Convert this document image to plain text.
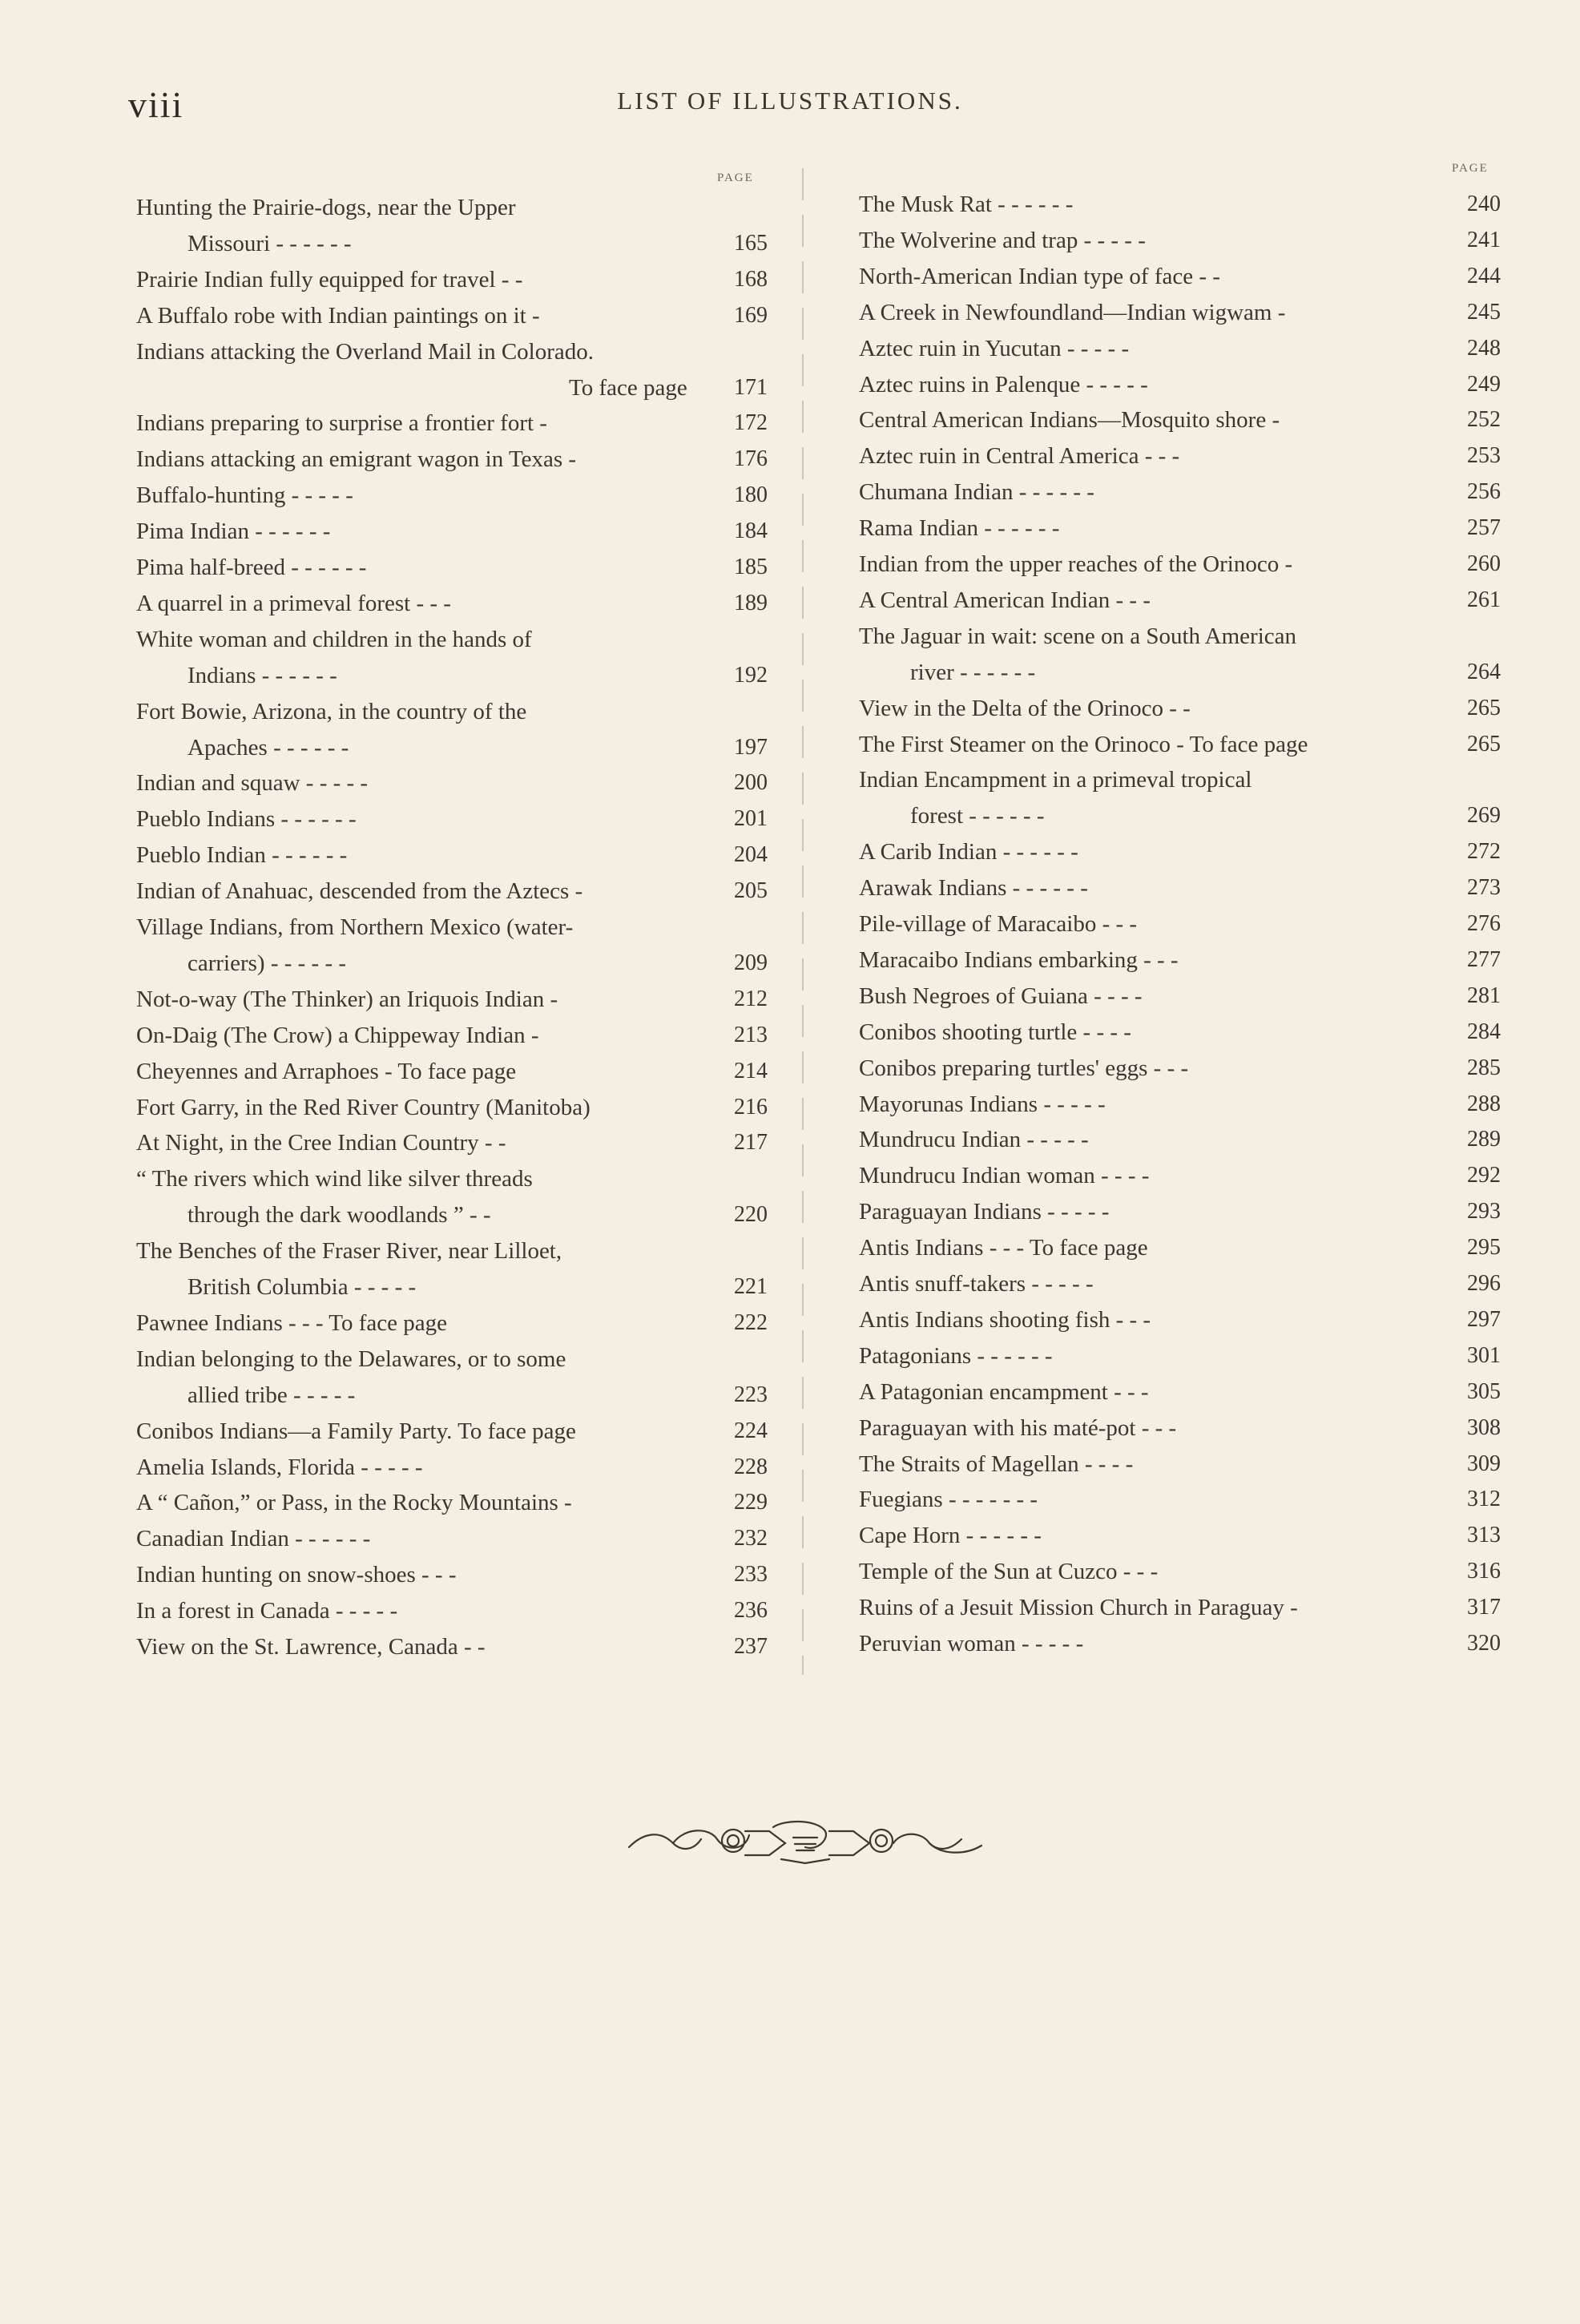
viii	LIST OF ILLUSTRATIONS.
PAGE
PAGE
Hunting the Prairie-dogs, near the Upper
Missouri - - - - - -	165
Prairie Indian fully equipped for travel - -	168
A Buffalo robe with Indian paintings on it -	169
Indians attacking the Overland Mail in Colorado.
To face page	171
Indians preparing to surprise a frontier fort -	172
Indians attacking an emigrant wagon in Texas -	176
Buffalo-hunting - - - - -	180
Pima Indian - - - - - -	184
Pima half-breed - - - - - -	185
A quarrel in a primeval forest - - -	189
White woman and children in the hands of
Indians - - - - - -	192
Fort Bowie, Arizona, in the country of the
Apaches - - - - - -	197
Indian and squaw - - - - -	200
Pueblo Indians - - - - - -	201
Pueblo Indian - - - - - -	204
Indian of Anahuac, descended from the Aztecs -	205
Village Indians, from Northern Mexico (water-
carriers) - - - - - -	209
Not-o-way (The Thinker) an Iriquois Indian -	212
On-Daig (The Crow) a Chippeway Indian -	213
Cheyennes and Arraphoes - To face page	214
Fort Garry, in the Red River Country (Manitoba)	216
At Night, in the Cree Indian Country - -	217
“ The rivers which wind like silver threads
through the dark woodlands ” - -	220
The Benches of the Fraser River, near Lilloet,
British Columbia - - - - -	221
Pawnee Indians - - - To face page	222
Indian belonging to the Delawares, or to some
allied tribe - - - - -	223
Conibos Indians—a Family Party. To face page	224
Amelia Islands, Florida - - - - -	228
A “ Cañon,” or Pass, in the Rocky Mountains -	229
Canadian Indian - - - - - -	232
Indian hunting on snow-shoes - - -	233
In a forest in Canada - - - - -	236
View on the St. Lawrence, Canada - -	237
The Musk Rat - - - - - -	240
The Wolverine and trap - - - - -	241
North-American Indian type of face - -	244
A Creek in Newfoundland—Indian wigwam -	245
Aztec ruin in Yucutan - - - - -	248
Aztec ruins in Palenque - - - - -	249
Central American Indians—Mosquito shore -	252
Aztec ruin in Central America - - -	253
Chumana Indian - - - - - -	256
Rama Indian - - - - - -	257
Indian from the upper reaches of the Orinoco -	260
A Central American Indian - - -	261
The Jaguar in wait: scene on a South American
river - - - - - -	264
View in the Delta of the Orinoco - -	265
The First Steamer on the Orinoco - To face page	265
Indian Encampment in a primeval tropical
forest - - - - - -	269
A Carib Indian - - - - - -	272
Arawak Indians - - - - - -	273
Pile-village of Maracaibo - - -	276
Maracaibo Indians embarking - - -	277
Bush Negroes of Guiana - - - -	281
Conibos shooting turtle - - - -	284
Conibos preparing turtles' eggs - - -	285
Mayorunas Indians - - - - -	288
Mundrucu Indian - - - - -	289
Mundrucu Indian woman - - - -	292
Paraguayan Indians - - - - -	293
Antis Indians - - - To face page	295
Antis snuff-takers - - - - -	296
Antis Indians shooting fish - - -	297
Patagonians - - - - - -	301
A Patagonian encampment - - -	305
Paraguayan with his maté-pot - - -	308
The Straits of Magellan - - - -	309
Fuegians - - - - - - -	312
Cape Horn - - - - - -	313
Temple of the Sun at Cuzco - - -	316
Ruins of a Jesuit Mission Church in Paraguay -	317
Peruvian woman - - - - -	320
